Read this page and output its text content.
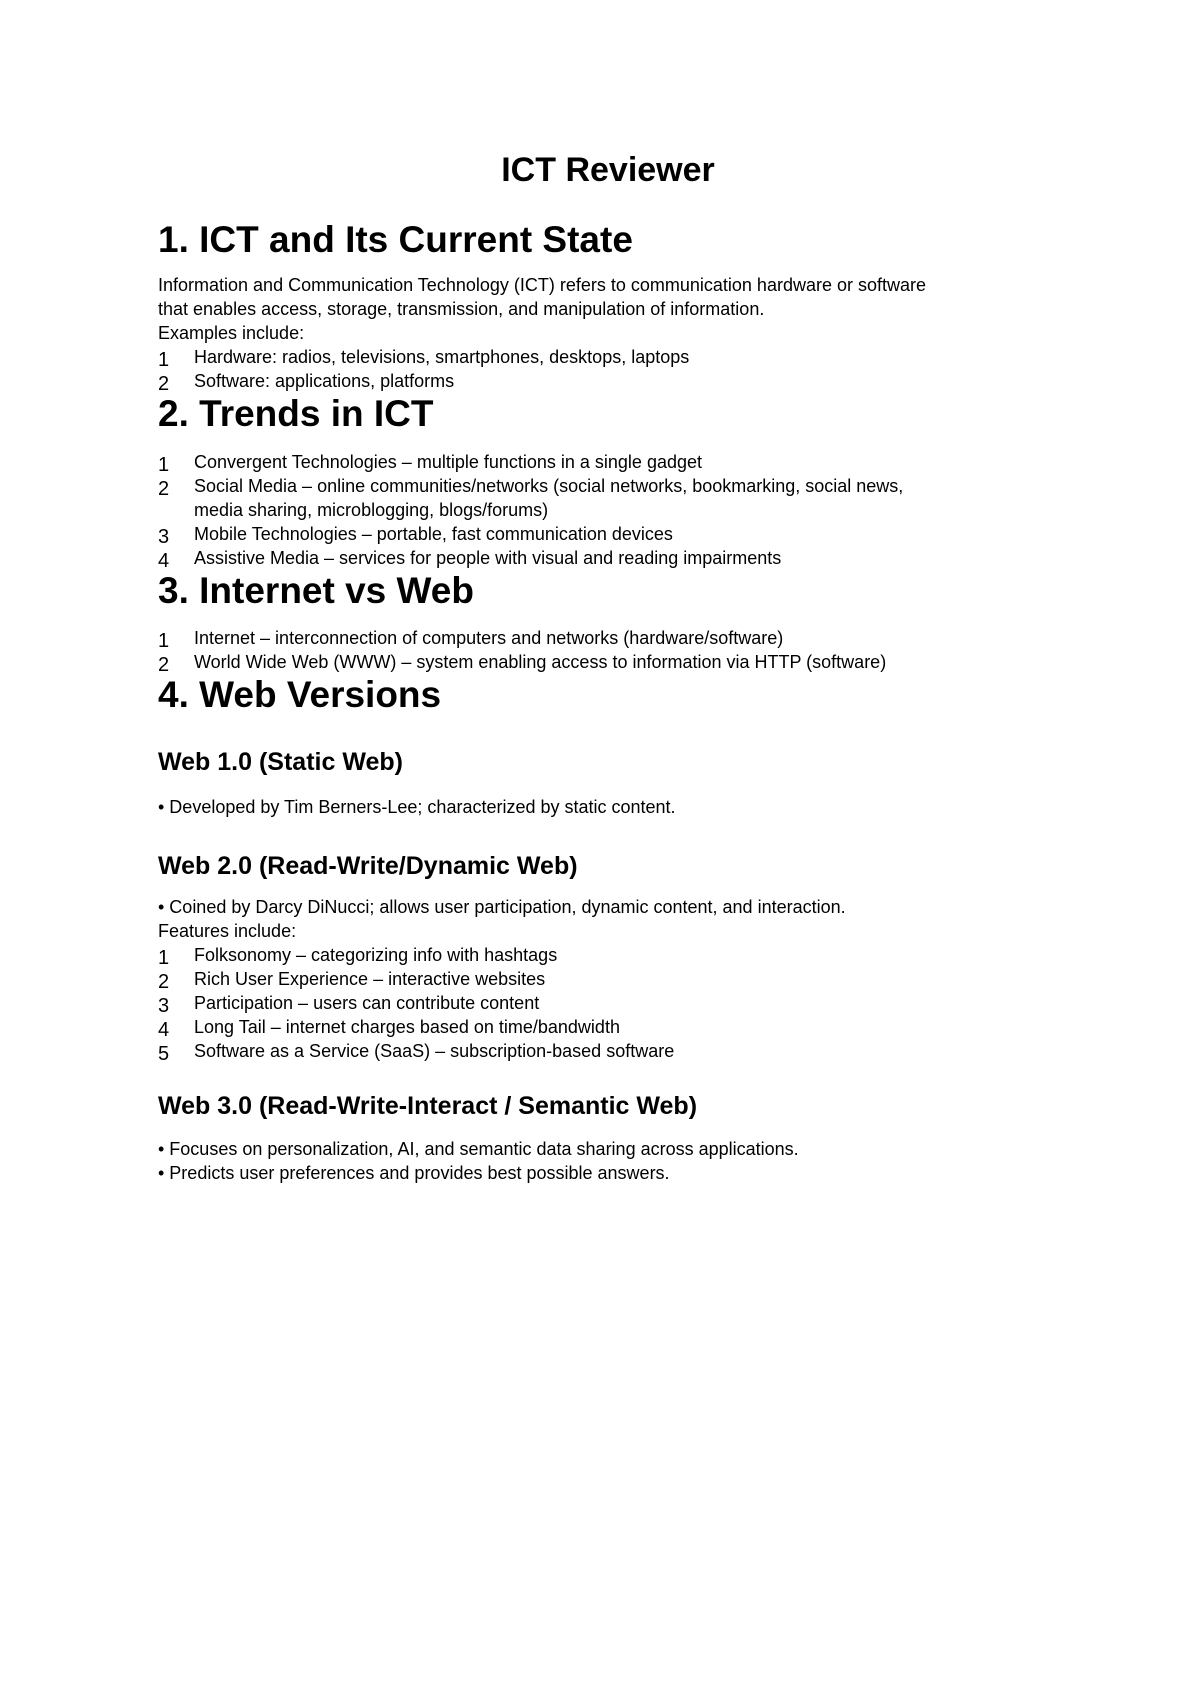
ICT Reviewer
1. ICT and Its Current State

Information and Communication Technology (ICT) refers to communication hardware or software

that enables access, storage, transmission, and manipulation of information.

Examples include:

1 Hardware: radios, televisions, smartphones, desktops, laptops
2 Software: applications, platforms
2. Trends in ICT
1 Convergent Technologies – multiple functions in a single gadget
2 Social Media – online communities/networks (social networks, bookmarking, social news,
media sharing, microblogging, blogs/forums)
3 Mobile Technologies – portable, fast communication devices
4 Assistive Media – services for people with visual and reading impairments
3. Internet vs Web
1 Internet – interconnection of computers and networks (hardware/software)
2 World Wide Web (WWW) – system enabling access to information via HTTP (software)
4. Web Versions
Web 1.0 (Static Web)

• Developed by Tim Berners-Lee; characterized by static content.

Web 2.0 (Read-Write/Dynamic Web)

• Coined by Darcy DiNucci; allows user participation, dynamic content, and interaction.

Features include:

1 Folksonomy – categorizing info with hashtags
2 Rich User Experience – interactive websites
3 Participation – users can contribute content
4 Long Tail – internet charges based on time/bandwidth
5 Software as a Service (SaaS) – subscription-based software
Web 3.0 (Read-Write-Interact / Semantic Web)

• Focuses on personalization, AI, and semantic data sharing across applications.

• Predicts user preferences and provides best possible answers.
